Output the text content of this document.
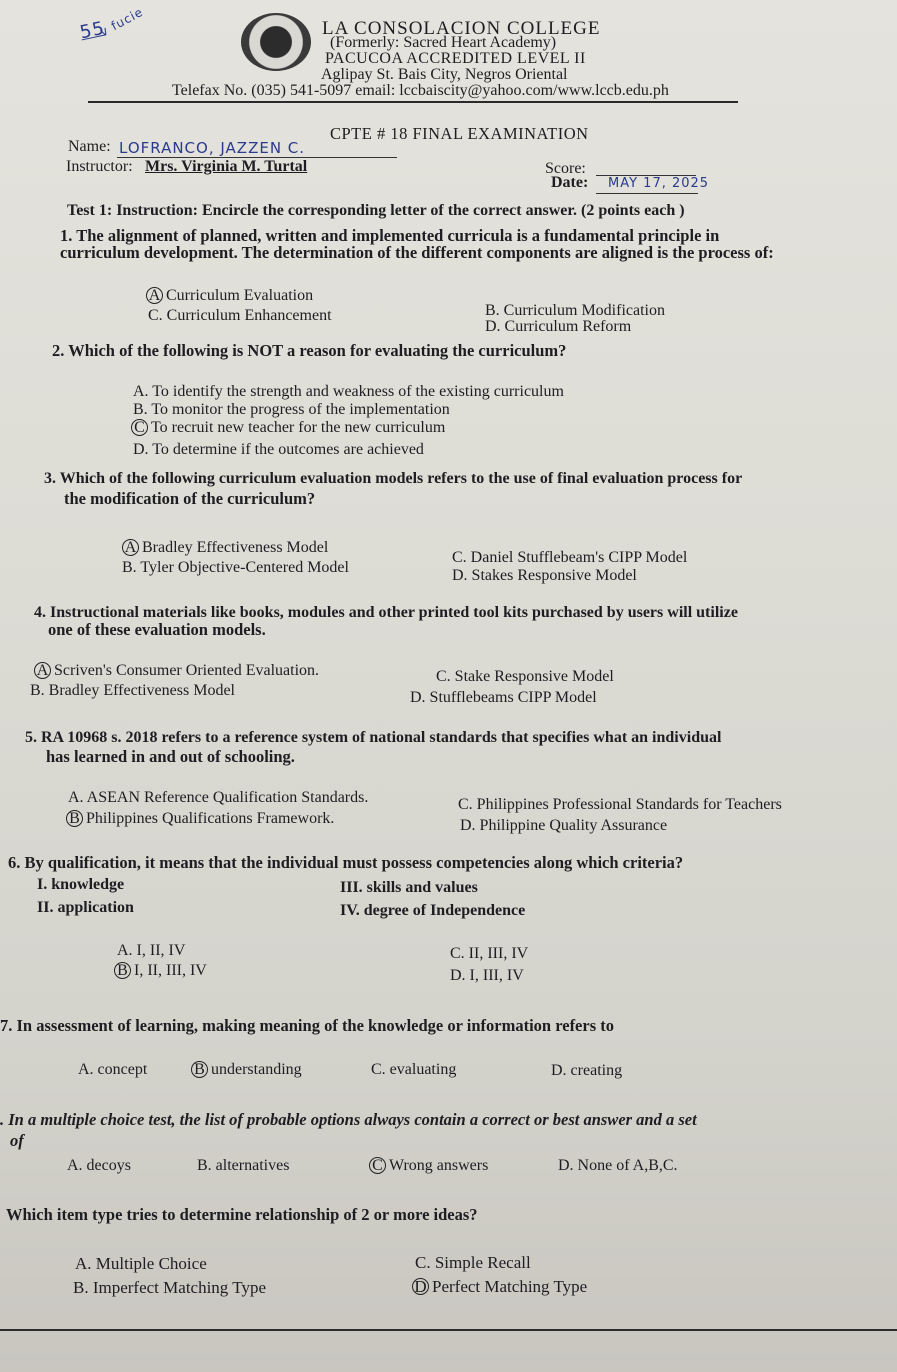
55
v fucie	LA CONSOLACION COLLEGE
(Formerly: Sacred Heart Academy)
PACUCOA ACCREDITED LEVEL II
Aglipay St. Bais City, Negros Oriental
Telefax No. (035) 541-5097 email: lccbaiscity@yahoo.com/www.lccb.edu.ph
CPTE # 18 FINAL EXAMINATION
Name: LOFRANCO, JAZZEN C.
Instructor: Mrs. Virginia M. Turtal	Score:
Date: MAY 17, 2025
Test 1: Instruction: Encircle the corresponding letter of the correct answer. (2 points each )
1. The alignment of planned, written and implemented curricula is a fundamental principle in
curriculum development. The determination of the different components are aligned is the process of:
A Curriculum Evaluation
B. Curriculum Modification
C. Curriculum Enhancement
D. Curriculum Reform
2. Which of the following is NOT a reason for evaluating the curriculum?
A. To identify the strength and weakness of the existing curriculum
B. To monitor the progress of the implementation
C To recruit new teacher for the new curriculum
D. To determine if the outcomes are achieved
3. Which of the following curriculum evaluation models refers to the use of final evaluation process for
the modification of the curriculum?
A Bradley Effectiveness Model
B. Tyler Objective-Centered Model
C. Daniel Stufflebeam's CIPP Model
D. Stakes Responsive Model
4. Instructional materials like books, modules and other printed tool kits purchased by users will utilize
one of these evaluation models.
A Scriven's Consumer Oriented Evaluation.
B. Bradley Effectiveness Model
C. Stake Responsive Model
D. Stufflebeams CIPP Model
5. RA 10968 s. 2018 refers to a reference system of national standards that specifies what an individual
has learned in and out of schooling.
A. ASEAN Reference Qualification Standards.
B Philippines Qualifications Framework.
C. Philippines Professional Standards for Teachers
D. Philippine Quality Assurance
6. By qualification, it means that the individual must possess competencies along which criteria?
I. knowledge
II. application
III. skills and values
IV. degree of Independence
A. I, II, IV
B I, II, III, IV
C. II, III, IV
D. I, III, IV
7. In assessment of learning, making meaning of the knowledge or information refers to
A. concept	B understanding	C. evaluating	D. creating
. In a multiple choice test, the list of probable options always contain a correct or best answer and a set
of
A. decoys	B. alternatives	C Wrong answers	D. None of A,B,C.
Which item type tries to determine relationship of 2 or more ideas?
A. Multiple Choice
B. Imperfect Matching Type
C. Simple Recall
D Perfect Matching Type
